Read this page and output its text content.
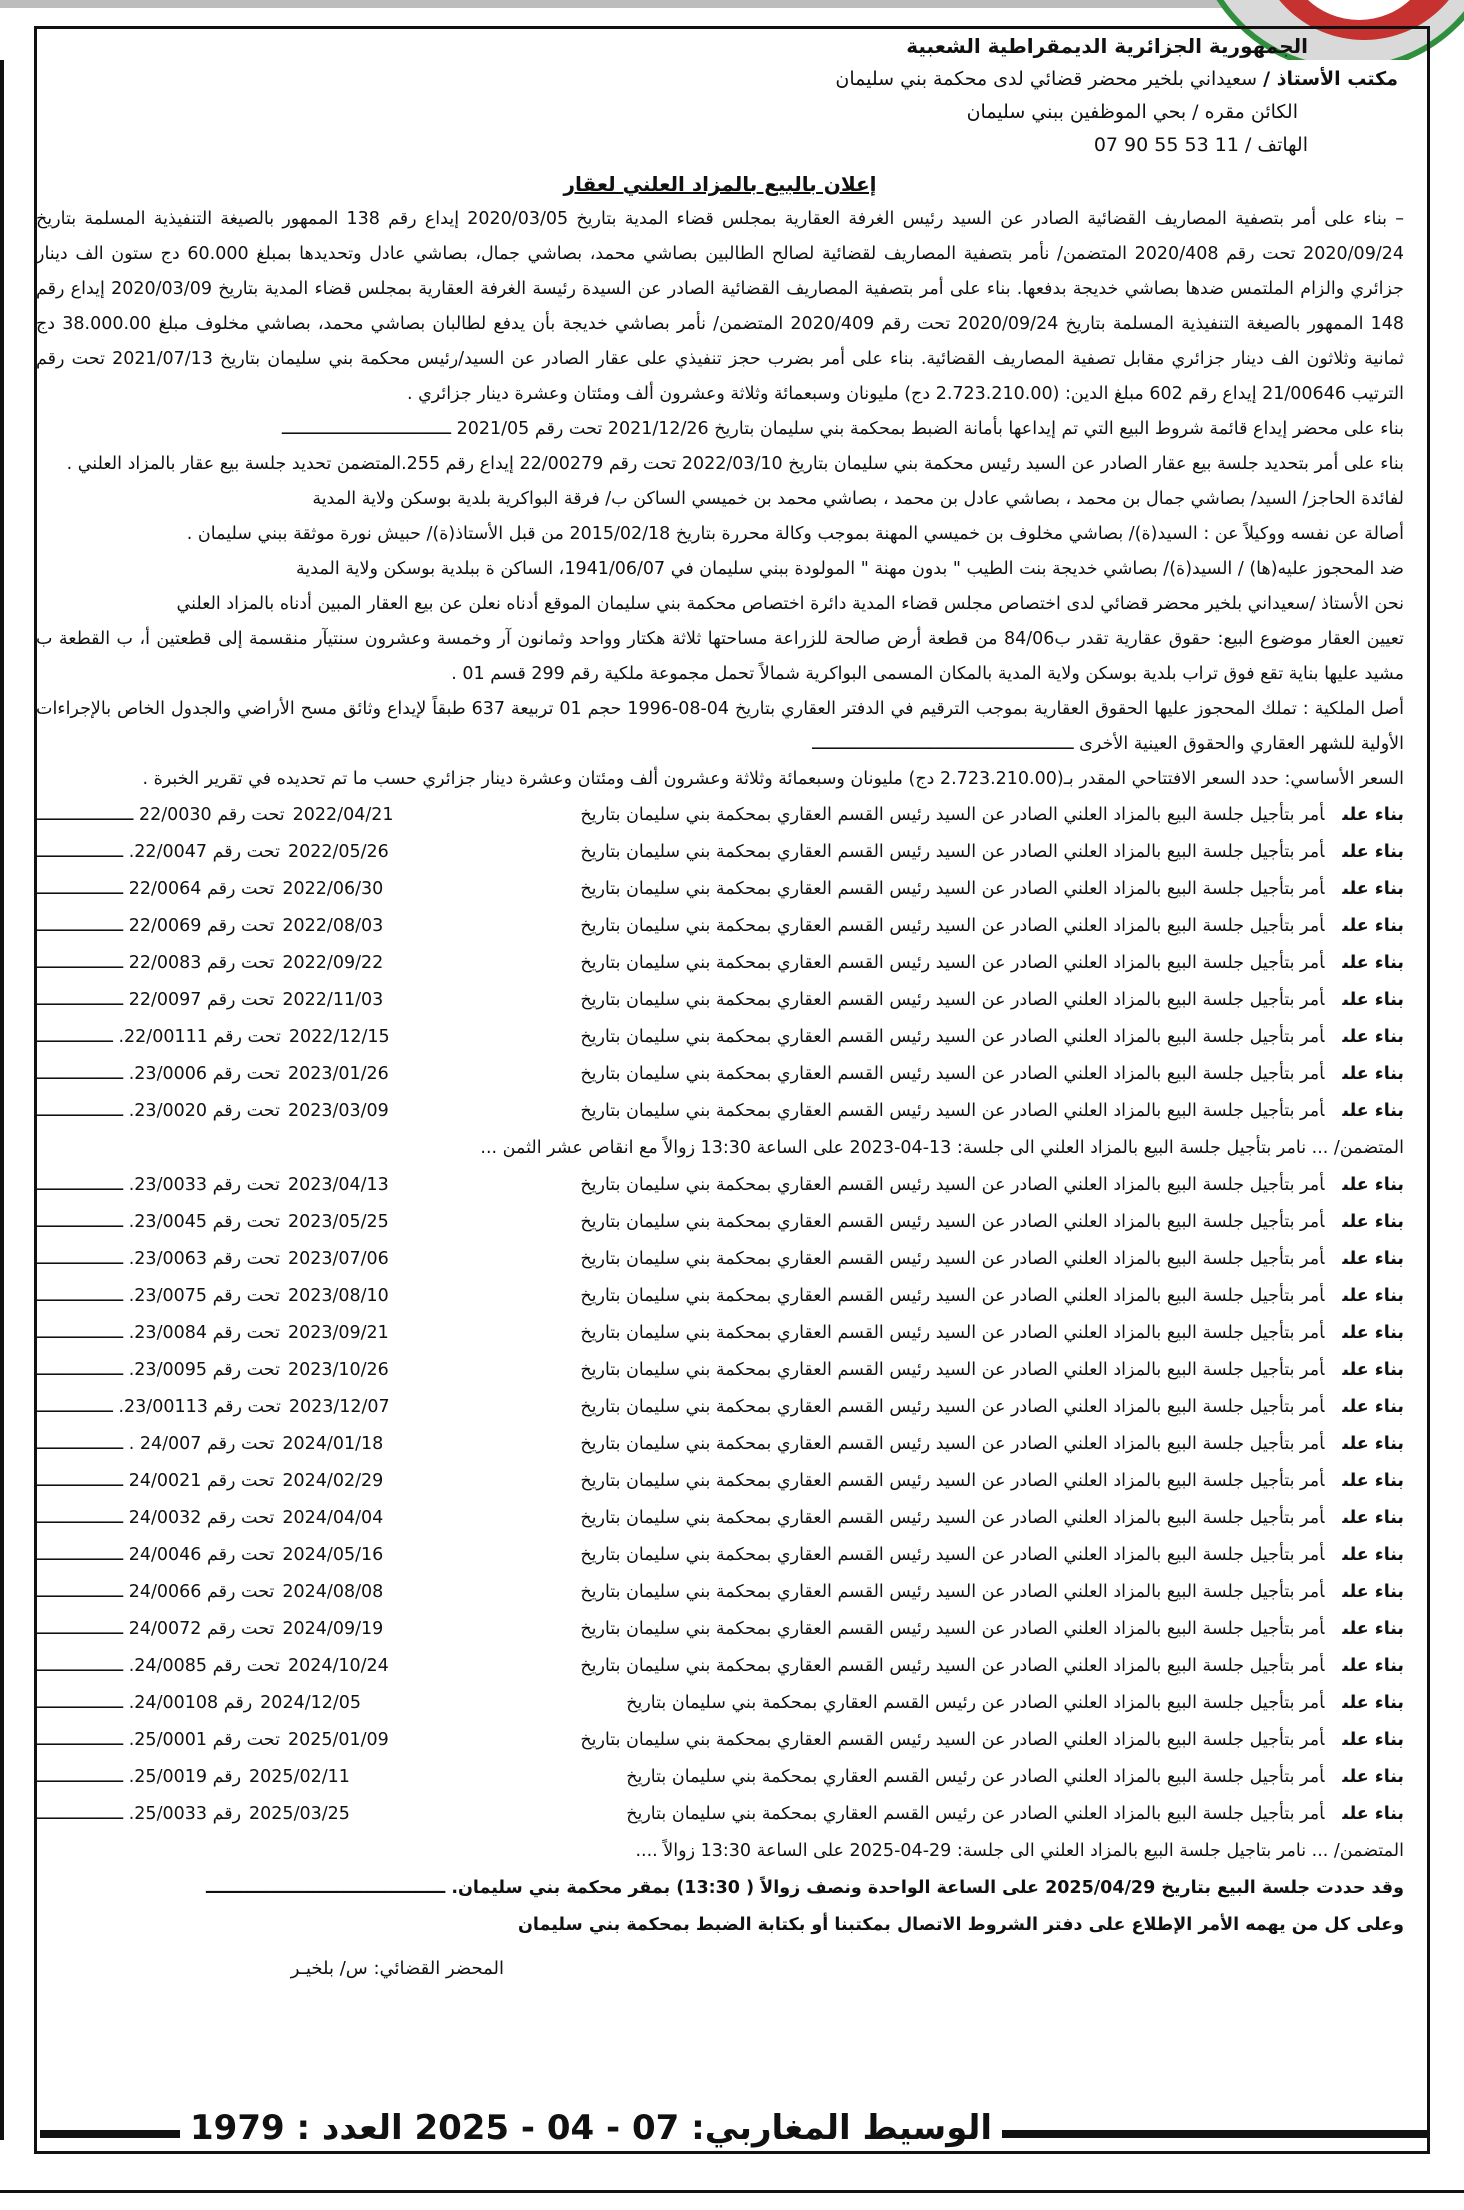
الجمهورية الجزائرية الديمقراطية الشعبية
مكتب الأستاذ / سعيداني بلخير محضر قضائي لدى محكمة بني سليمان
الكائن مقره / بحي الموظفين ببني سليمان
الهاتف / 11 53 55 90 07
إعلان بالبيع بالمزاد العلني لعقار

– بناء على أمر بتصفية المصاريف القضائية الصادر عن السيد رئيس الغرفة العقارية بمجلس قضاء المدية بتاريخ 2020/03/05 إيداع رقم 138 الممهور بالصيغة التنفيذية المسلمة بتاريخ 2020/09/24 تحت رقم 2020/408 المتضمن/ نأمر بتصفية المصاريف لقضائية لصالح الطالبين بصاشي محمد، بصاشي جمال، بصاشي عادل وتحديدها بمبلغ 60.000 دج ستون الف دينار جزائري والزام الملتمس ضدها بصاشي خديجة بدفعها. بناء على أمر بتصفية المصاريف القضائية الصادر عن السيدة رئيسة الغرفة العقارية بمجلس قضاء المدية بتاريخ 2020/03/09 إيداع رقم 148 الممهور بالصيغة التنفيذية المسلمة بتاريخ 2020/09/24 تحت رقم 2020/409 المتضمن/ نأمر بصاشي خديجة بأن يدفع لطالبان بصاشي محمد، بصاشي مخلوف مبلغ 38.000.00 دج ثمانية وثلاثون الف دينار جزائري مقابل تصفية المصاريف القضائية. بناء على أمر بضرب حجز تنفيذي على عقار الصادر عن السيد/رئيس محكمة بني سليمان بتاريخ 2021/07/13 تحت رقم الترتيب 21/00646 إيداع رقم 602 مبلغ الدين: (2.723.210.00 دج) مليونان وسبعمائة وثلاثة وعشرون ألف ومئتان وعشرة دينار جزائري .

بناء على محضر إيداع قائمة شروط البيع التي تم إيداعها بأمانة الضبط بمحكمة بني سليمان بتاريخ 2021/12/26 تحت رقم 2021/05 ـــــــــــــــــــــــــــــــــ

بناء على أمر بتحديد جلسة بيع عقار الصادر عن السيد رئيس محكمة بني سليمان بتاريخ 2022/03/10 تحت رقم 22/00279 إيداع رقم 255.المتضمن تحديد جلسة بيع عقار بالمزاد العلني .

لفائدة الحاجز/ السيد/ بصاشي جمال بن محمد ، بصاشي عادل بن محمد ، بصاشي محمد بن خميسي الساكن ب/ فرقة البواكرية بلدية بوسكن ولاية المدية

أصالة عن نفسه ووكيلاً عن : السيد(ة)/ بصاشي مخلوف بن خميسي المهنة بموجب وكالة محررة بتاريخ 2015/02/18 من قبل الأستاذ(ة)/ حبيش نورة موثقة ببني سليمان .

ضد المحجوز عليه(ها) / السيد(ة)/ بصاشي خديجة بنت الطيب " بدون مهنة " المولودة ببني سليمان في 1941/06/07، الساكن ة ببلدية بوسكن ولاية المدية

نحن الأستاذ /سعيداني بلخير محضر قضائي لدى اختصاص مجلس قضاء المدية دائرة اختصاص محكمة بني سليمان الموقع أدناه نعلن عن بيع العقار المبين أدناه بالمزاد العلني

تعيين العقار موضوع البيع: حقوق عقارية تقدر ب84/06 من قطعة أرض صالحة للزراعة مساحتها ثلاثة هكتار وواحد وثمانون آر وخمسة وعشرون سنتيآر منقسمة إلى قطعتين أ، ب القطعة ب مشيد عليها بناية تقع فوق تراب بلدية بوسكن ولاية المدية بالمكان المسمى البواكرية شمالاً تحمل مجموعة ملكية رقم 299 قسم 01 .

أصل الملكية : تملك المحجوز عليها الحقوق العقارية بموجب الترقيم في الدفتر العقاري بتاريخ 04-08-1996 حجم 01 تربيعة 637 طبقاً لإيداع وثائق مسح الأراضي والجدول الخاص بالإجراءات الأولية للشهر العقاري والحقوق العينية الأخرى ـــــــــــــــــــــــــــــــــــــــــــــــــــ

السعر الأساسي: حدد السعر الافتتاحي المقدر بـ(2.723.210.00 دج) مليونان وسبعمائة وثلاثة وعشرون ألف ومئتان وعشرة دينار جزائري حسب ما تم تحديده في تقرير الخبرة .

بناء علىأمر بتأجيل جلسة البيع بالمزاد العلني الصادر عن السيد رئيس القسم العقاري بمحكمة بني سليمان بتاريخ
2022/04/21تحت رقم 22/0030 ـــــــــــــــــــ
بناء علىأمر بتأجيل جلسة البيع بالمزاد العلني الصادر عن السيد رئيس القسم العقاري بمحكمة بني سليمان بتاريخ
2022/05/26تحت رقم 22/0047. ـــــــــــــــــ
بناء علىأمر بتأجيل جلسة البيع بالمزاد العلني الصادر عن السيد رئيس القسم العقاري بمحكمة بني سليمان بتاريخ
2022/06/30تحت رقم 22/0064 ـــــــــــــــــ
بناء علىأمر بتأجيل جلسة البيع بالمزاد العلني الصادر عن السيد رئيس القسم العقاري بمحكمة بني سليمان بتاريخ
2022/08/03تحت رقم 22/0069 ـــــــــــــــــ
بناء علىأمر بتأجيل جلسة البيع بالمزاد العلني الصادر عن السيد رئيس القسم العقاري بمحكمة بني سليمان بتاريخ
2022/09/22تحت رقم 22/0083 ـــــــــــــــــ
بناء علىأمر بتأجيل جلسة البيع بالمزاد العلني الصادر عن السيد رئيس القسم العقاري بمحكمة بني سليمان بتاريخ
2022/11/03تحت رقم 22/0097 ـــــــــــــــــ
بناء علىأمر بتأجيل جلسة البيع بالمزاد العلني الصادر عن السيد رئيس القسم العقاري بمحكمة بني سليمان بتاريخ
2022/12/15تحت رقم 22/00111. ـــــــــــــــ
بناء علىأمر بتأجيل جلسة البيع بالمزاد العلني الصادر عن السيد رئيس القسم العقاري بمحكمة بني سليمان بتاريخ
2023/01/26تحت رقم 23/0006. ـــــــــــــــــ
بناء علىأمر بتأجيل جلسة البيع بالمزاد العلني الصادر عن السيد رئيس القسم العقاري بمحكمة بني سليمان بتاريخ
2023/03/09تحت رقم 23/0020. ـــــــــــــــــ
المتضمن/ ... نامر بتأجيل جلسة البيع بالمزاد العلني الى جلسة: 13-04-2023 على الساعة 13:30 زوالاً مع انقاص عشر الثمن ...
بناء علىأمر بتأجيل جلسة البيع بالمزاد العلني الصادر عن السيد رئيس القسم العقاري بمحكمة بني سليمان بتاريخ
2023/04/13تحت رقم 23/0033. ـــــــــــــــــ
بناء علىأمر بتأجيل جلسة البيع بالمزاد العلني الصادر عن السيد رئيس القسم العقاري بمحكمة بني سليمان بتاريخ
2023/05/25تحت رقم 23/0045. ـــــــــــــــــ
بناء علىأمر بتأجيل جلسة البيع بالمزاد العلني الصادر عن السيد رئيس القسم العقاري بمحكمة بني سليمان بتاريخ
2023/07/06تحت رقم 23/0063. ـــــــــــــــــ
بناء علىأمر بتأجيل جلسة البيع بالمزاد العلني الصادر عن السيد رئيس القسم العقاري بمحكمة بني سليمان بتاريخ
2023/08/10تحت رقم 23/0075. ـــــــــــــــــ
بناء علىأمر بتأجيل جلسة البيع بالمزاد العلني الصادر عن السيد رئيس القسم العقاري بمحكمة بني سليمان بتاريخ
2023/09/21تحت رقم 23/0084. ـــــــــــــــــ
بناء علىأمر بتأجيل جلسة البيع بالمزاد العلني الصادر عن السيد رئيس القسم العقاري بمحكمة بني سليمان بتاريخ
2023/10/26تحت رقم 23/0095. ـــــــــــــــــ
بناء علىأمر بتأجيل جلسة البيع بالمزاد العلني الصادر عن السيد رئيس القسم العقاري بمحكمة بني سليمان بتاريخ
2023/12/07تحت رقم 23/00113. ـــــــــــــــ
بناء علىأمر بتأجيل جلسة البيع بالمزاد العلني الصادر عن السيد رئيس القسم العقاري بمحكمة بني سليمان بتاريخ
2024/01/18تحت رقم 24/007 . ـــــــــــــــــ
بناء علىأمر بتأجيل جلسة البيع بالمزاد العلني الصادر عن السيد رئيس القسم العقاري بمحكمة بني سليمان بتاريخ
2024/02/29تحت رقم 24/0021 ـــــــــــــــــ
بناء علىأمر بتأجيل جلسة البيع بالمزاد العلني الصادر عن السيد رئيس القسم العقاري بمحكمة بني سليمان بتاريخ
2024/04/04تحت رقم 24/0032 ـــــــــــــــــ
بناء علىأمر بتأجيل جلسة البيع بالمزاد العلني الصادر عن السيد رئيس القسم العقاري بمحكمة بني سليمان بتاريخ
2024/05/16تحت رقم 24/0046 ـــــــــــــــــ
بناء علىأمر بتأجيل جلسة البيع بالمزاد العلني الصادر عن السيد رئيس القسم العقاري بمحكمة بني سليمان بتاريخ
2024/08/08تحت رقم 24/0066 ـــــــــــــــــ
بناء علىأمر بتأجيل جلسة البيع بالمزاد العلني الصادر عن السيد رئيس القسم العقاري بمحكمة بني سليمان بتاريخ
2024/09/19تحت رقم 24/0072 ـــــــــــــــــ
بناء علىأمر بتأجيل جلسة البيع بالمزاد العلني الصادر عن السيد رئيس القسم العقاري بمحكمة بني سليمان بتاريخ
2024/10/24تحت رقم 24/0085. ـــــــــــــــــ
بناء علىأمر بتأجيل جلسة البيع بالمزاد العلني الصادر عن رئيس القسم العقاري بمحكمة بني سليمان بتاريخ
2024/12/05رقم 24/00108. ـــــــــــــــــ
بناء علىأمر بتأجيل جلسة البيع بالمزاد العلني الصادر عن السيد رئيس القسم العقاري بمحكمة بني سليمان بتاريخ
2025/01/09تحت رقم 25/0001. ـــــــــــــــــ
بناء علىأمر بتأجيل جلسة البيع بالمزاد العلني الصادر عن رئيس القسم العقاري بمحكمة بني سليمان بتاريخ
2025/02/11رقم 25/0019. ـــــــــــــــــ
بناء علىأمر بتأجيل جلسة البيع بالمزاد العلني الصادر عن رئيس القسم العقاري بمحكمة بني سليمان بتاريخ
2025/03/25رقم 25/0033. ـــــــــــــــــ
المتضمن/ ... نامر بتاجيل جلسة البيع بالمزاد العلني الى جلسة: 29-04-2025 على الساعة 13:30 زوالاً ....
وقد حددت جلسة البيع بتاريخ 2025/04/29 على الساعة الواحدة ونصف زوالاً ( 13:30) بمقر محكمة بني سليمان. ــــــــــــــــــــــــــــــــــــــــ
وعلى كل من يهمه الأمر الإطلاع على دفتر الشروط الاتصال بمكتبنا أو بكتابة الضبط بمحكمة بني سليمان
المحضر القضائي: س/ بلخيـر
الوسيط المغاربي: 07 - 04 - 2025 العدد : 1979
